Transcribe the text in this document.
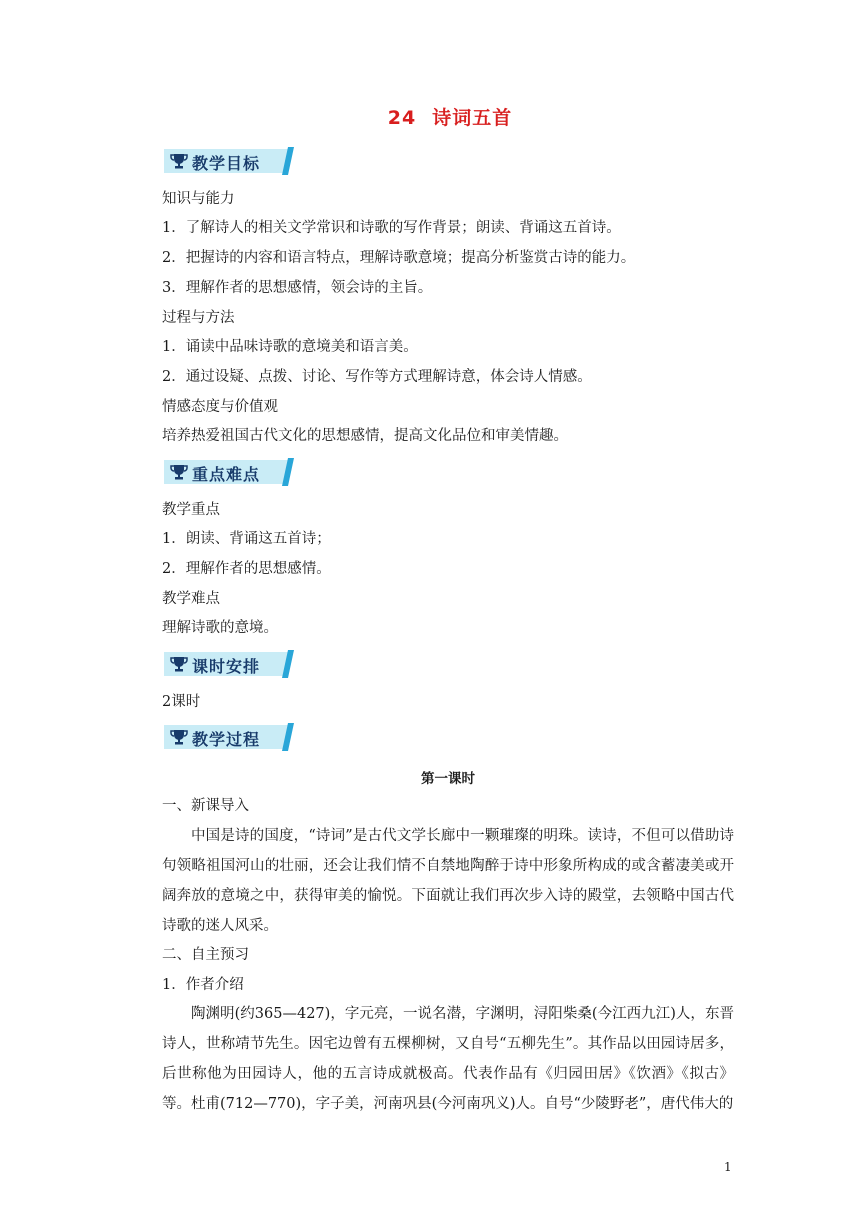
24 诗词五首
教学目标
知识与能力
1．了解诗人的相关文学常识和诗歌的写作背景；朗读、背诵这五首诗。
2．把握诗的内容和语言特点，理解诗歌意境；提高分析鉴赏古诗的能力。
3．理解作者的思想感情，领会诗的主旨。
过程与方法
1．诵读中品味诗歌的意境美和语言美。
2．通过设疑、点拨、讨论、写作等方式理解诗意，体会诗人情感。
情感态度与价值观
培养热爱祖国古代文化的思想感情，提高文化品位和审美情趣。
重点难点
教学重点
1．朗读、背诵这五首诗；
2．理解作者的思想感情。
教学难点
理解诗歌的意境。
课时安排
2课时
教学过程
第一课时
一、新课导入
中国是诗的国度，“诗词”是古代文学长廊中一颗璀璨的明珠。读诗，不但可以借助诗句领略祖国河山的壮丽，还会让我们情不自禁地陶醉于诗中形象所构成的或含蓄凄美或开阔奔放的意境之中，获得审美的愉悦。下面就让我们再次步入诗的殿堂，去领略中国古代诗歌的迷人风采。
二、自主预习
1．作者介绍
陶渊明(约365—427)，字元亮，一说名潜，字渊明，浔阳柴桑(今江西九江)人，东晋诗人，世称靖节先生。因宅边曾有五棵柳树，又自号“五柳先生”。其作品以田园诗居多，后世称他为田园诗人，他的五言诗成就极高。代表作品有《归园田居》《饮酒》《拟古》等。 杜甫(712—770)，字子美，河南巩县(今河南巩义)人。自号“少陵野老”，唐代伟大的
1
